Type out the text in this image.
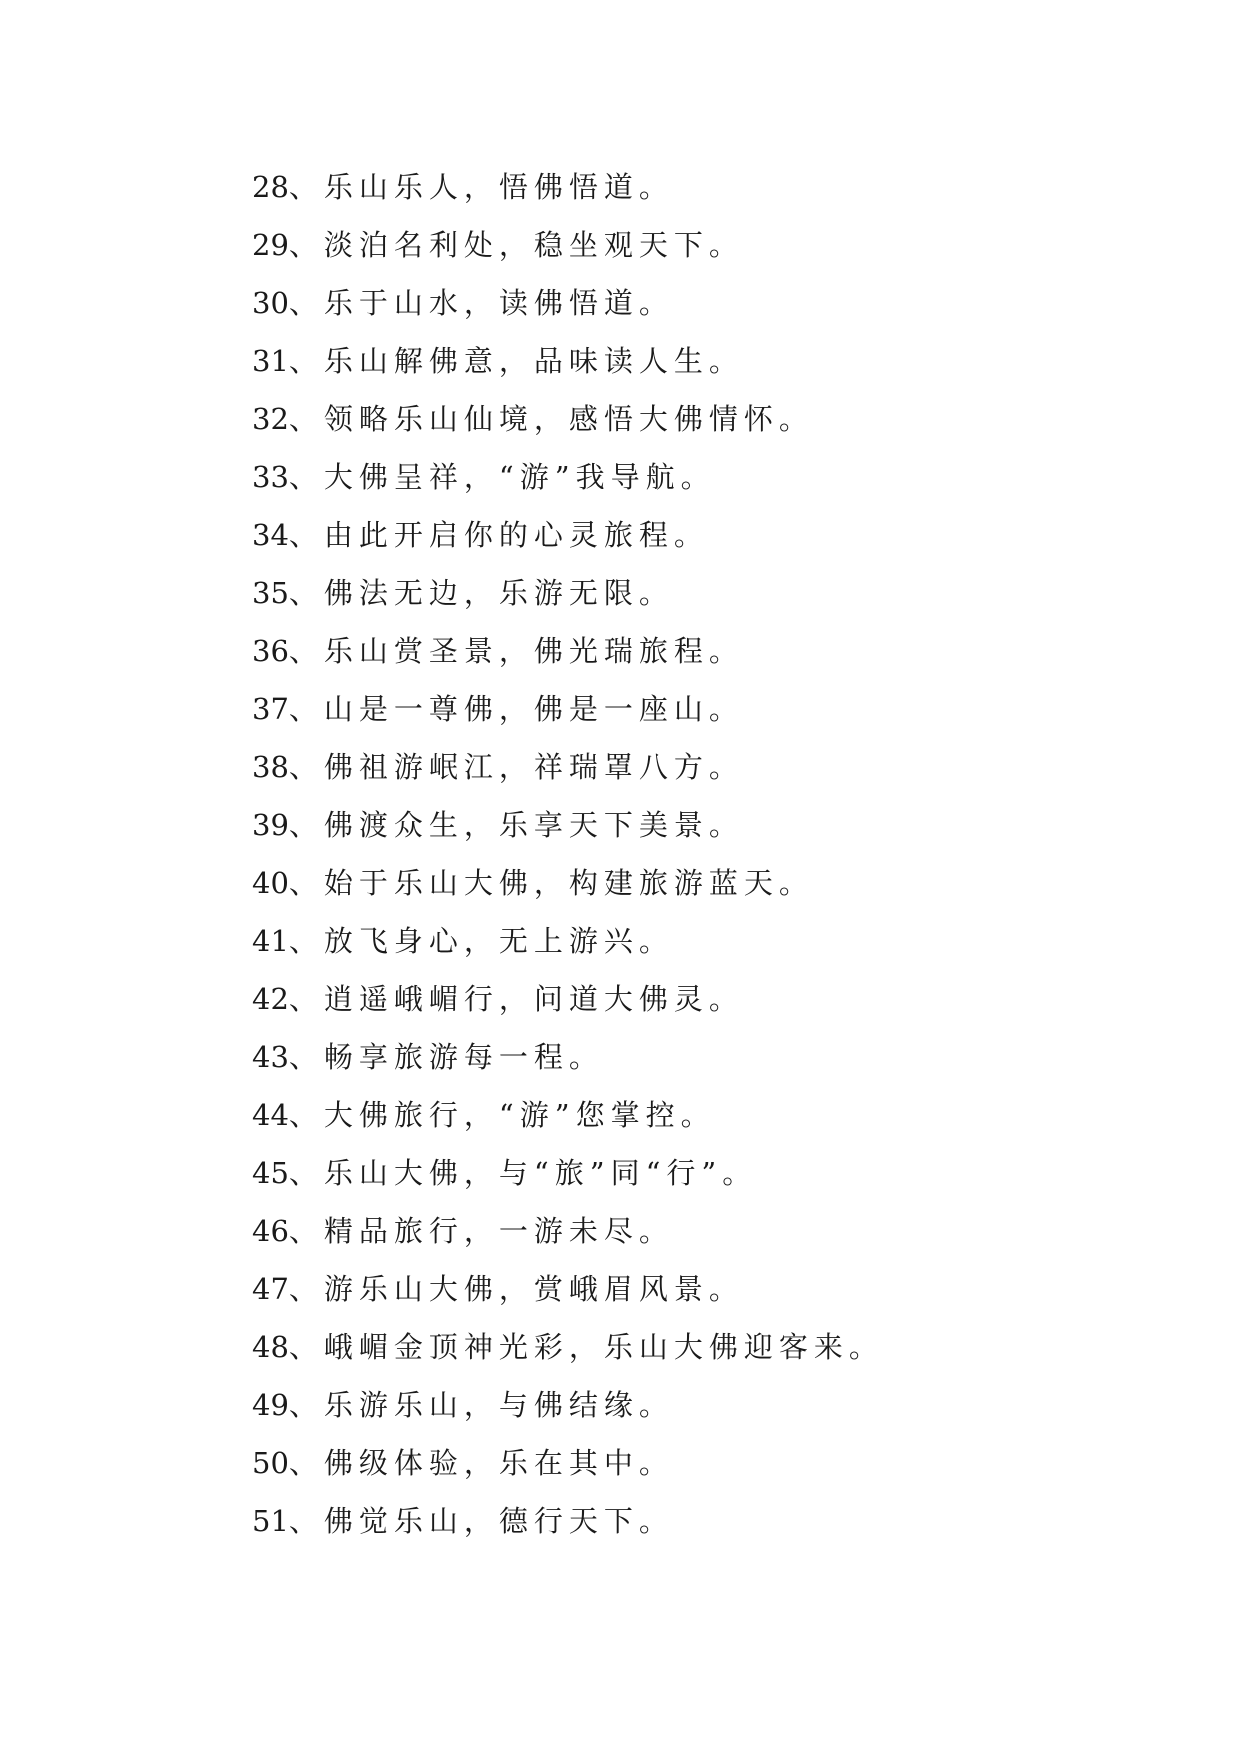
28、乐山乐人，悟佛悟道。
29、淡泊名利处，稳坐观天下。
30、乐于山水，读佛悟道。
31、乐山解佛意，品味读人生。
32、领略乐山仙境，感悟大佛情怀。
33、大佛呈祥，“游”我导航。
34、由此开启你的心灵旅程。
35、佛法无边，乐游无限。
36、乐山赏圣景，佛光瑞旅程。
37、山是一尊佛，佛是一座山。
38、佛祖游岷江，祥瑞罩八方。
39、佛渡众生，乐享天下美景。
40、始于乐山大佛，构建旅游蓝天。
41、放飞身心，无上游兴。
42、逍遥峨嵋行，问道大佛灵。
43、畅享旅游每一程。
44、大佛旅行，“游”您掌控。
45、乐山大佛，与“旅”同“行”。
46、精品旅行，一游未尽。
47、游乐山大佛，赏峨眉风景。
48、峨嵋金顶神光彩，乐山大佛迎客来。
49、乐游乐山，与佛结缘。
50、佛级体验，乐在其中。
51、佛觉乐山，德行天下。
